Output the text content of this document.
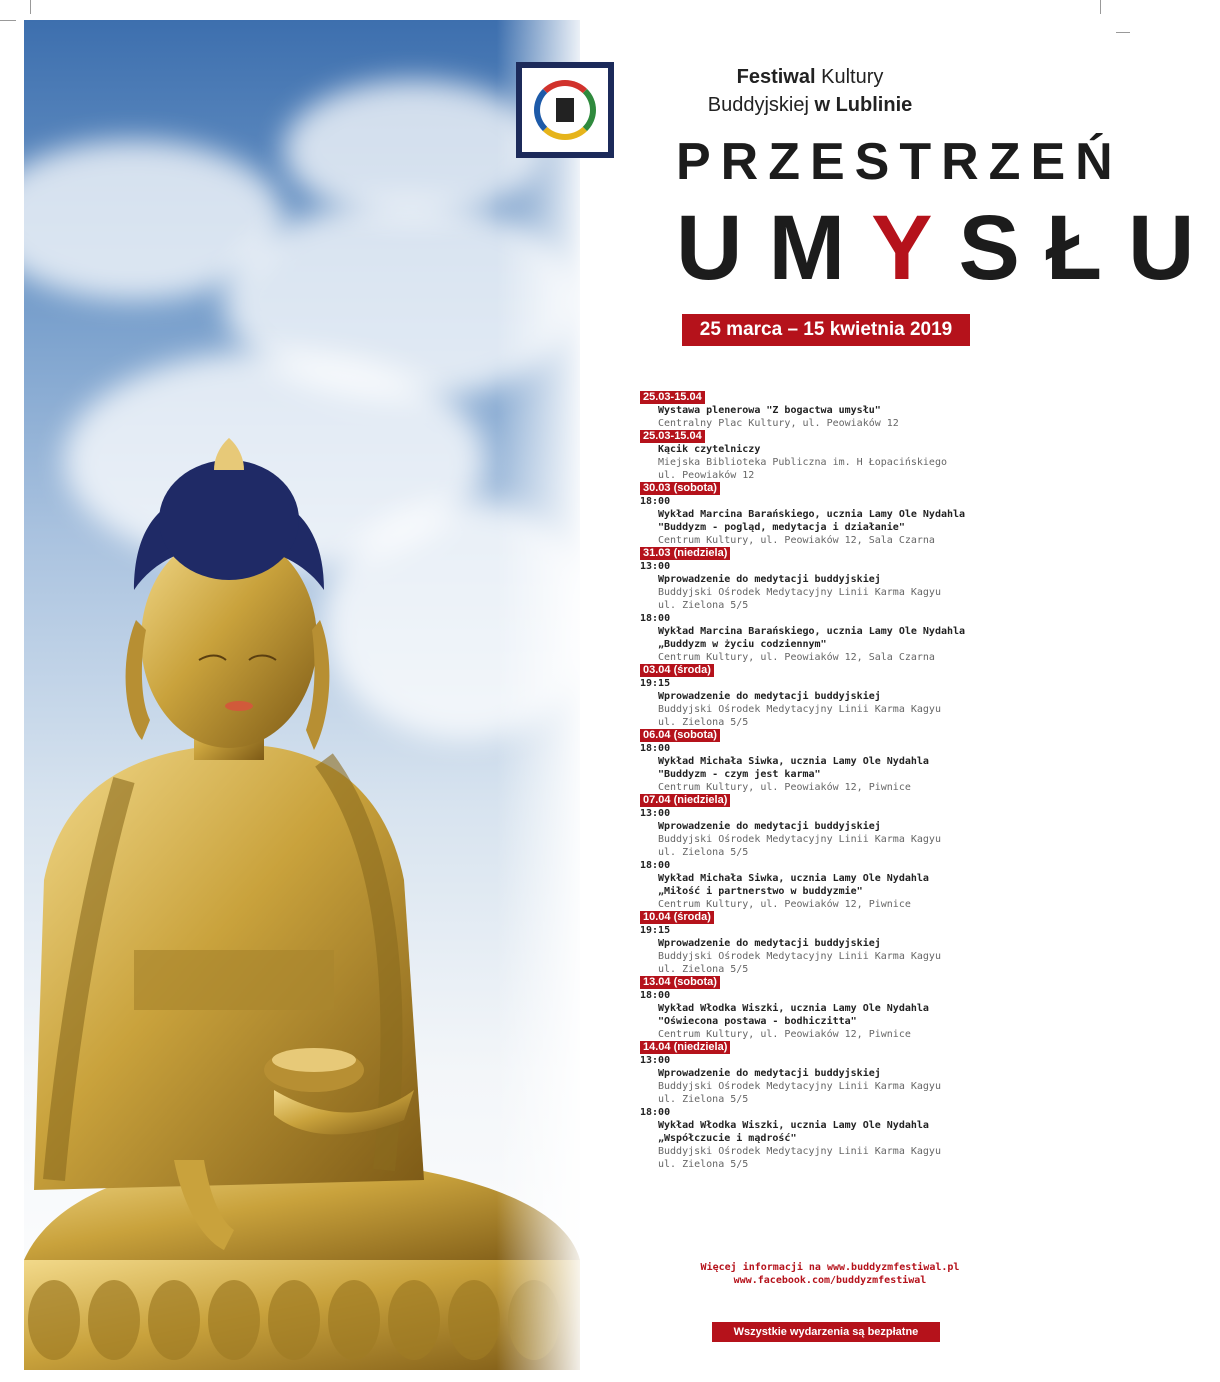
Festiwal Kultury
Buddyjskiej w Lublinie
PRZESTRZEŃ
UMYSŁU
25 marca – 15 kwietnia 2019
25.03-15.04
Wystawa plenerowa "Z bogactwa umysłu"
Centralny Plac Kultury, ul. Peowiaków 12
25.03-15.04
Kącik czytelniczy
Miejska Biblioteka Publiczna im. H Łopacińskiego
ul. Peowiaków 12
30.03 (sobota)
18:00
Wykład Marcina Barańskiego, ucznia Lamy Ole Nydahla
"Buddyzm - pogląd, medytacja i działanie"
Centrum Kultury, ul. Peowiaków 12, Sala Czarna
31.03 (niedziela)
13:00
Wprowadzenie do medytacji buddyjskiej
Buddyjski Ośrodek Medytacyjny Linii Karma Kagyu
ul. Zielona 5/5
18:00
Wykład Marcina Barańskiego, ucznia Lamy Ole Nydahla
„Buddyzm w życiu codziennym"
Centrum Kultury, ul. Peowiaków 12, Sala Czarna
03.04 (środa)
19:15
Wprowadzenie do medytacji buddyjskiej
Buddyjski Ośrodek Medytacyjny Linii Karma Kagyu
ul. Zielona 5/5
06.04 (sobota)
18:00
Wykład Michała Siwka, ucznia Lamy Ole Nydahla
"Buddyzm - czym jest karma"
Centrum Kultury, ul. Peowiaków 12, Piwnice
07.04 (niedziela)
13:00
Wprowadzenie do medytacji buddyjskiej
Buddyjski Ośrodek Medytacyjny Linii Karma Kagyu
ul. Zielona 5/5
18:00
Wykład Michała Siwka, ucznia Lamy Ole Nydahla
„Miłość i partnerstwo w buddyzmie"
Centrum Kultury, ul. Peowiaków 12, Piwnice
10.04 (środa)
19:15
Wprowadzenie do medytacji buddyjskiej
Buddyjski Ośrodek Medytacyjny Linii Karma Kagyu
ul. Zielona 5/5
13.04 (sobota)
18:00
Wykład Włodka Wiszki, ucznia Lamy Ole Nydahla
"Oświecona postawa - bodhiczitta"
Centrum Kultury, ul. Peowiaków 12, Piwnice
14.04 (niedziela)
13:00
Wprowadzenie do medytacji buddyjskiej
Buddyjski Ośrodek Medytacyjny Linii Karma Kagyu
ul. Zielona 5/5
18:00
Wykład Włodka Wiszki, ucznia Lamy Ole Nydahla
„Współczucie i mądrość"
Buddyjski Ośrodek Medytacyjny Linii Karma Kagyu
ul. Zielona 5/5
Więcej informacji na www.buddyzmfestiwal.pl
www.facebook.com/buddyzmfestiwal
Wszystkie wydarzenia są bezpłatne
